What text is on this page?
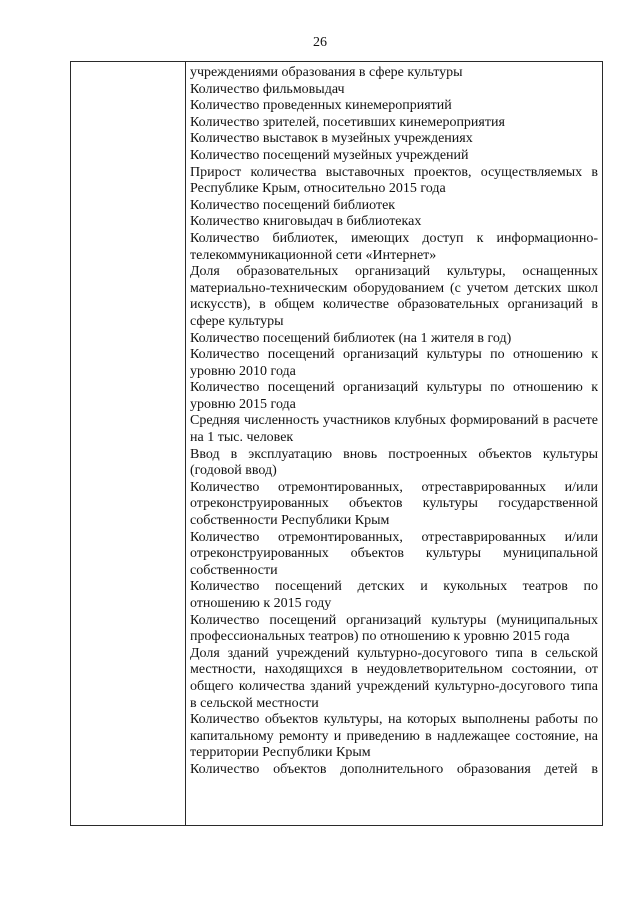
26
учреждениями образования в сфере культуры
Количество фильмовыдач
Количество проведенных кинемероприятий
Количество зрителей, посетивших кинемероприятия
Количество выставок в музейных учреждениях
Количество посещений музейных учреждений
Прирост количества выставочных проектов, осуществляемых в Республике Крым, относительно 2015 года
Количество посещений библиотек
Количество книговыдач в библиотеках
Количество библиотек, имеющих доступ к информационно-телекоммуникационной сети «Интернет»
Доля образовательных организаций культуры, оснащенных материально-техническим оборудованием (с учетом детских школ искусств), в общем количестве образовательных организаций в сфере культуры
Количество посещений библиотек (на 1 жителя в год)
Количество посещений организаций культуры по отношению к уровню 2010 года
Количество посещений организаций культуры по отношению к уровню 2015 года
Средняя численность участников клубных формирований в расчете на 1 тыс. человек
Ввод в эксплуатацию вновь построенных объектов культуры (годовой ввод)
Количество отремонтированных, отреставрированных и/или отреконструированных объектов культуры государственной собственности Республики Крым
Количество отремонтированных, отреставрированных и/или отреконструированных объектов культуры муниципальной собственности
Количество посещений детских и кукольных театров по отношению к 2015 году
Количество посещений организаций культуры (муниципальных профессиональных театров) по отношению к уровню 2015 года
Доля зданий учреждений культурно-досугового типа в сельской местности, находящихся в неудовлетворительном состоянии, от общего количества зданий учреждений культурно-досугового типа в сельской местности
Количество объектов культуры, на которых выполнены работы по капитальному ремонту и приведению в надлежащее состояние, на территории Республики Крым
Количество объектов дополнительного образования детей в
